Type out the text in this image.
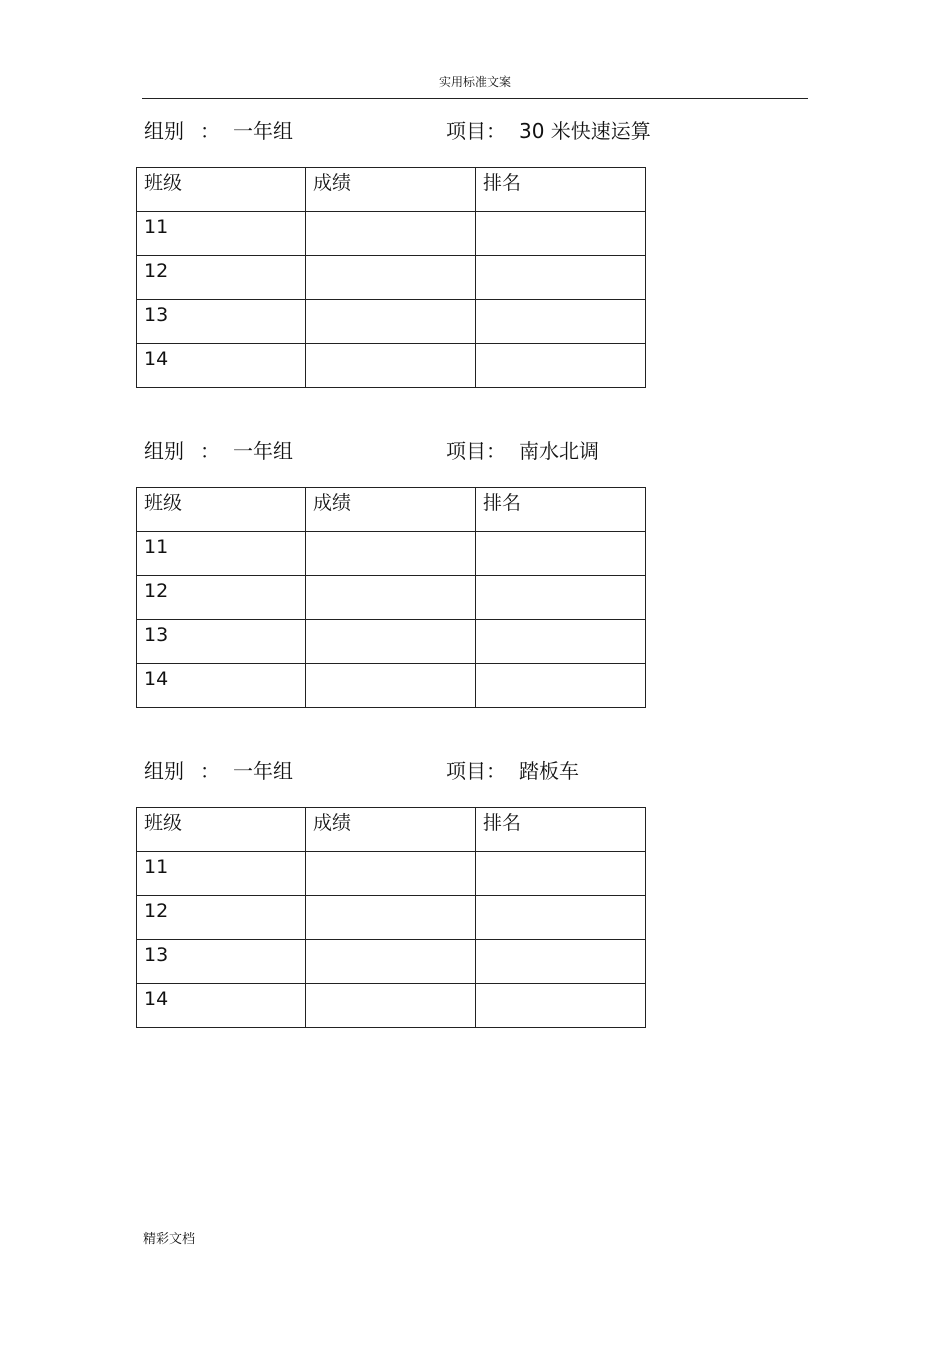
实用标准文案
组别 ： 一年组	项目： 30 米快速运算
班级	成绩	排名
11		
12		
13		
14		
组别 ： 一年组	项目： 南水北调
班级	成绩	排名
11		
12		
13		
14		
组别 ： 一年组	项目： 踏板车
班级	成绩	排名
11		
12		
13		
14		
精彩文档
